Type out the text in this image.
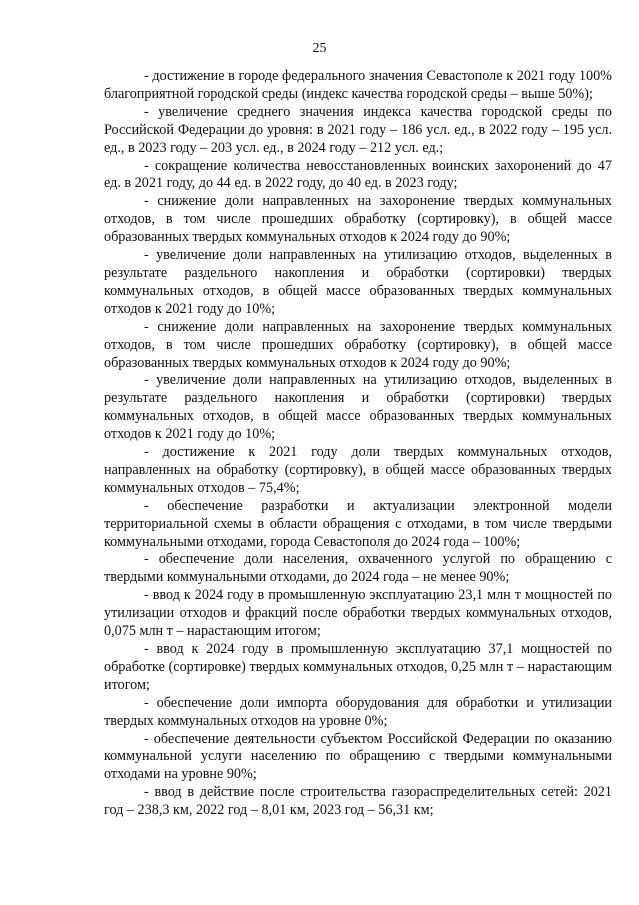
25

- достижение в городе федерального значения Севастополе к 2021 году 100% благоприятной городской среды (индекс качества городской среды – выше 50%);

- увеличение среднего значения индекса качества городской среды по Российской Федерации до уровня: в 2021 году – 186 усл. ед., в 2022 году – 195 усл. ед., в 2023 году – 203 усл. ед., в 2024 году – 212 усл. ед.;

- сокращение количества невосстановленных воинских захоронений до 47 ед. в 2021 году, до 44 ед. в 2022 году, до 40 ед. в 2023 году;

- снижение доли направленных на захоронение твердых коммунальных отходов, в том числе прошедших обработку (сортировку), в общей массе образованных твердых коммунальных отходов к 2024 году до 90%;

- увеличение доли направленных на утилизацию отходов, выделенных в результате раздельного накопления и обработки (сортировки) твердых коммунальных отходов, в общей массе образованных твердых коммунальных отходов к 2021 году до 10%;

- снижение доли направленных на захоронение твердых коммунальных отходов, в том числе прошедших обработку (сортировку), в общей массе образованных твердых коммунальных отходов к 2024 году до 90%;

- увеличение доли направленных на утилизацию отходов, выделенных в результате раздельного накопления и обработки (сортировки) твердых коммунальных отходов, в общей массе образованных твердых коммунальных отходов к 2021 году до 10%;

- достижение к 2021 году доли твердых коммунальных отходов, направленных на обработку (сортировку), в общей массе образованных твердых коммунальных отходов – 75,4%;

- обеспечение разработки и актуализации электронной модели территориальной схемы в области обращения с отходами, в том числе твердыми коммунальными отходами, города Севастополя до 2024 года – 100%;

- обеспечение доли населения, охваченного услугой по обращению с твердыми коммунальными отходами, до 2024 года – не менее 90%;

- ввод к 2024 году в промышленную эксплуатацию 23,1 млн т мощностей по утилизации отходов и фракций после обработки твердых коммунальных отходов, 0,075 млн т – нарастающим итогом;

- ввод к 2024 году в промышленную эксплуатацию 37,1 мощностей по обработке (сортировке) твердых коммунальных отходов, 0,25 млн т – нарастающим итогом;

- обеспечение доли импорта оборудования для обработки и утилизации твердых коммунальных отходов на уровне 0%;

- обеспечение деятельности субъектом Российской Федерации по оказанию коммунальной услуги населению по обращению с твердыми коммунальными отходами на уровне 90%;

- ввод в действие после строительства газораспределительных сетей: 2021 год – 238,3 км, 2022 год – 8,01 км, 2023 год – 56,31 км;
